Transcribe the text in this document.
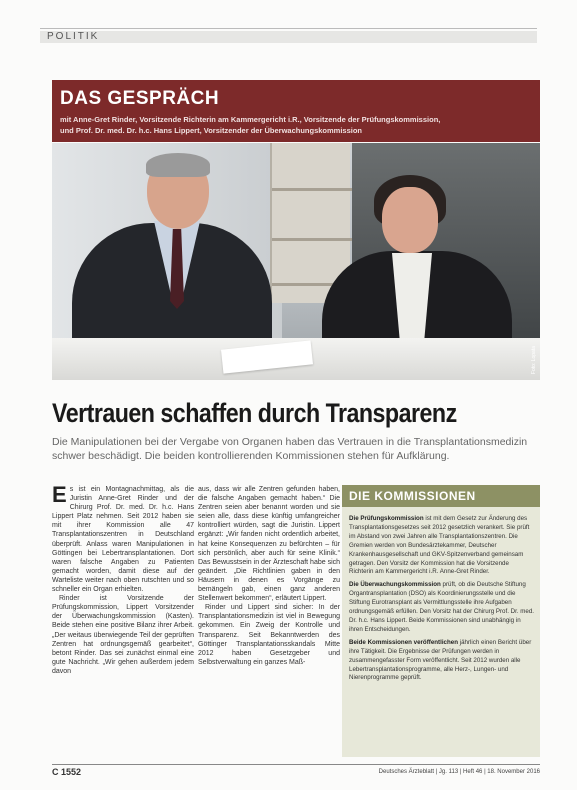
POLITIK
DAS GESPRÄCH
mit Anne-Gret Rinder, Vorsitzende Richterin am Kammergericht i.R., Vorsitzende der Prüfungskommission,
und Prof. Dr. med. Dr. h.c. Hans Lippert, Vorsitzender der Überwachungskommission
Foto: Lopata
Vertrauen schaffen durch Transparenz
Die Manipulationen bei der Vergabe von Organen haben das Vertrauen in die Transplantationsmedizin schwer beschädigt. Die beiden kontrollierenden Kommissionen stehen für Aufklärung.

Es ist ein Montagnachmittag, als die Juristin Anne-Gret Rinder und der Chirurg Prof. Dr. med. Dr. h.c. Hans Lippert Platz nehmen. Seit 2012 haben sie mit ihrer Kommission alle 47 Transplantationszentren in Deutschland überprüft. Anlass waren Manipulationen in Göttingen bei Lebertransplantationen. Dort waren falsche Angaben zu Patienten gemacht worden, damit diese auf der Warteliste weiter nach oben rutschten und so schneller ein Organ erhielten.

Rinder ist Vorsitzende der Prüfungskommission, Lippert Vorsitzender der Überwachungskommission (Kasten). Beide stehen eine positive Bilanz ihrer Arbeit. „Der weitaus überwiegende Teil der geprüften Zentren hat ordnungsgemäß gearbeitet“, betont Rinder. Das sei zunächst einmal eine gute Nachricht. „Wir gehen außerdem jedem davon

aus, dass wir alle Zentren gefunden haben, die falsche Angaben gemacht haben.“ Die Zentren seien aber benannt worden und sie seien alle, dass diese künftig umfangreicher kontrolliert würden, sagt die Juristin. Lippert ergänzt: „Wir fanden nicht ordentlich arbeitet, hat keine Konsequenzen zu befürchten – für sich persönlich, aber auch für seine Klinik.“ Das Bewusstsein in der Ärzteschaft habe sich geändert. „Die Richtlinien gaben in den Häusern in denen es Vorgänge zu bemängeln gab, einen ganz anderen Stellenwert bekommen“, erläutert Lippert.

Rinder und Lippert sind sicher: In der Transplantationsmedizin ist viel in Bewegung gekommen. Ein Zweig der Kontrolle und Transparenz. Seit Bekanntwerden des Göttinger Transplantationsskandals Mitte 2012 haben Gesetzgeber und Selbstverwaltung ein ganzes Maß-

DIE KOMMISSIONEN

Die Prüfungskommission ist mit dem Gesetz zur Änderung des Transplantationsgesetzes seit 2012 gesetzlich verankert. Sie prüft im Abstand von zwei Jahren alle Transplantationszentren. Die Gremien werden von Bundesärztekammer, Deutscher Krankenhausgesellschaft und GKV-Spitzenverband gemeinsam getragen. Den Vorsitz der Kommission hat die Vorsitzende Richterin am Kammergericht i.R. Anne-Gret Rinder.

Die Überwachungskommission prüft, ob die Deutsche Stiftung Organtransplantation (DSO) als Koordinierungsstelle und die Stiftung Eurotransplant als Vermittlungsstelle ihre Aufgaben ordnungsgemäß erfüllen. Den Vorsitz hat der Chirurg Prof. Dr. med. Dr. h.c. Hans Lippert. Beide Kommissionen sind unabhängig in ihren Entscheidungen.

Beide Kommissionen veröffentlichen jährlich einen Bericht über ihre Tätigkeit. Die Ergebnisse der Prüfungen werden in zusammengefasster Form veröffentlicht. Seit 2012 wurden alle Lebertransplantationsprogramme, alle Herz-, Lungen- und Nierenprogramme geprüft.

C 1552	Deutsches Ärzteblatt | Jg. 113 | Heft 46 | 18. November 2016
